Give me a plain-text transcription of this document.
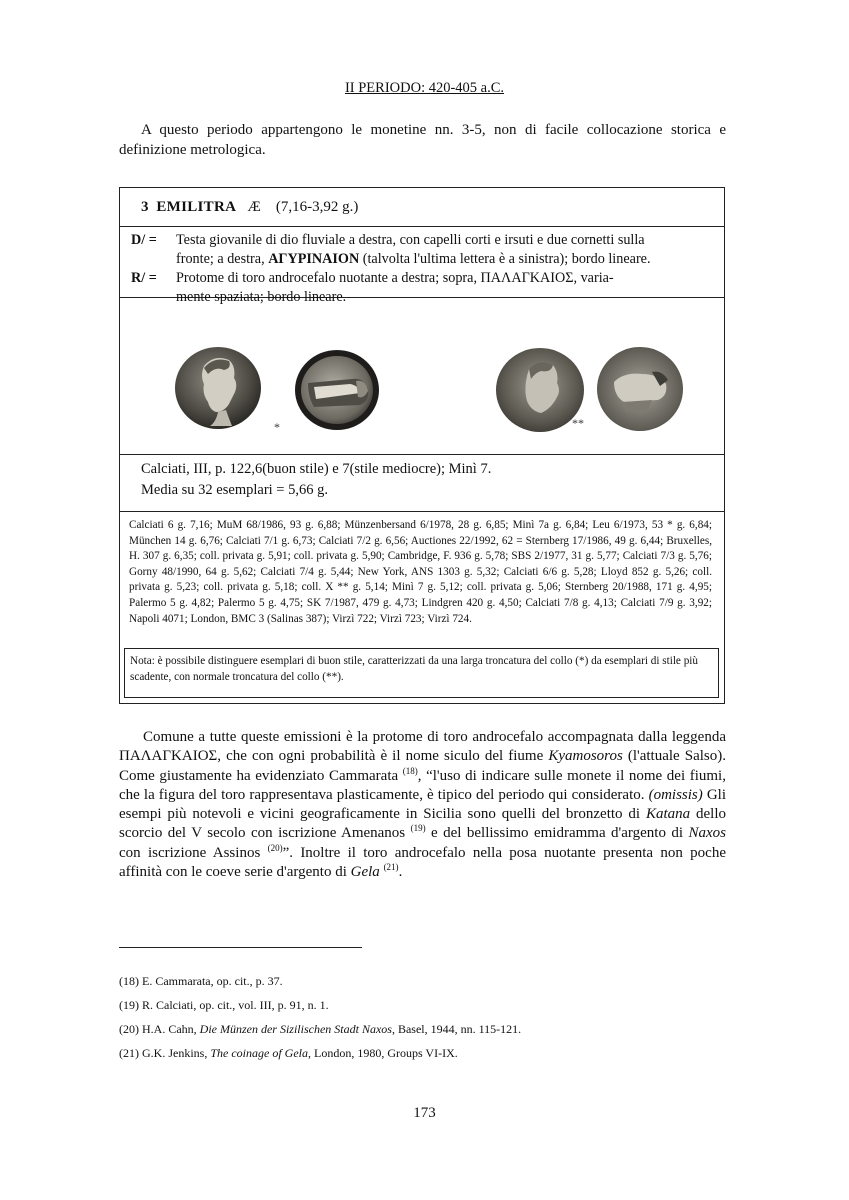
II PERIODO: 420-405 a.C.

A questo periodo appartengono le monetine nn. 3-5, non di facile collocazione storica e definizione metrologica.

3 EMILITRA Æ (7,16-3,92 g.)
D/ = Testa giovanile di dio fluviale a destra, con capelli corti e irsuti e due cornetti sulla
fronte; a destra, ΑΓΥΡΙΝΑΙΟΝ (talvolta l'ultima lettera è a sinistra); bordo lineare.
R/ = Protome di toro androcefalo nuotante a destra; sopra, ΠΑΛΑΓΚΑΙΟΣ, varia-
mente spaziata; bordo lineare.
*	**
Calciati, III, p. 122,6(buon stile) e 7(stile mediocre); Minì 7.
Media su 32 esemplari = 5,66 g.

Calciati 6 g. 7,16; MuM 68/1986, 93 g. 6,88; Münzenbersand 6/1978, 28 g. 6,85; Minì 7a g. 6,84; Leu 6/1973, 53 * g. 6,84; München 14 g. 6,76; Calciati 7/1 g. 6,73; Calciati 7/2 g. 6,56; Auctiones 22/1992, 62 = Sternberg 17/1986, 49 g. 6,44; Bruxelles, H. 307 g. 6,35; coll. privata g. 5,91; coll. privata g. 5,90; Cambridge, F. 936 g. 5,78; SBS 2/1977, 31 g. 5,77; Calciati 7/3 g. 5,76; Gorny 48/1990, 64 g. 5,62; Calciati 7/4 g. 5,44; New York, ANS 1303 g. 5,32; Calciati 6/6 g. 5,28; Lloyd 852 g. 5,26; coll. privata g. 5,23; coll. privata g. 5,18; coll. X ** g. 5,14; Minì 7 g. 5,12; coll. privata g. 5,06; Sternberg 20/1988, 171 g. 4,95; Palermo 5 g. 4,82; Palermo 5 g. 4,75; SK 7/1987, 479 g. 4,73; Lindgren 420 g. 4,50; Calciati 7/8 g. 4,13; Calciati 7/9 g. 3,92; Napoli 4071; London, BMC 3 (Salinas 387); Virzì 722; Virzì 723; Virzì 724.

Nota: è possibile distinguere esemplari di buon stile, caratterizzati da una larga troncatura del collo (*) da esemplari di stile più scadente, con normale troncatura del collo (**).

Comune a tutte queste emissioni è la protome di toro androcefalo accompagnata dalla leggenda ΠΑΛΑΓΚΑΙΟΣ, che con ogni probabilità è il nome siculo del fiume Kyamosoros (l'attuale Salso). Come giustamente ha evidenziato Cammarata $^{(18)}$, “l'uso di indicare sulle monete il nome dei fiumi, che la figura del toro rappresentava plasticamente, è tipico del periodo qui considerato. (omissis) Gli esempi più notevoli e vicini geograficamente in Sicilia sono quelli del bronzetto di Katana dello scorcio del V secolo con iscrizione Amenanos $^{(19)}$ e del bellissimo emidramma d'argento di Naxos con iscrizione Assinos $^{(20)}$”. Inoltre il toro androcefalo nella posa nuotante presenta non poche affinità con le coeve serie d'argento di Gela $^{(21)}$.

(18) E. Cammarata, op. cit., p. 37.
(19) R. Calciati, op. cit., vol. III, p. 91, n. 1.
(20) H.A. Cahn, Die Münzen der Sizilischen Stadt Naxos, Basel, 1944, nn. 115-121.
(21) G.K. Jenkins, The coinage of Gela, London, 1980, Groups VI-IX.
173
